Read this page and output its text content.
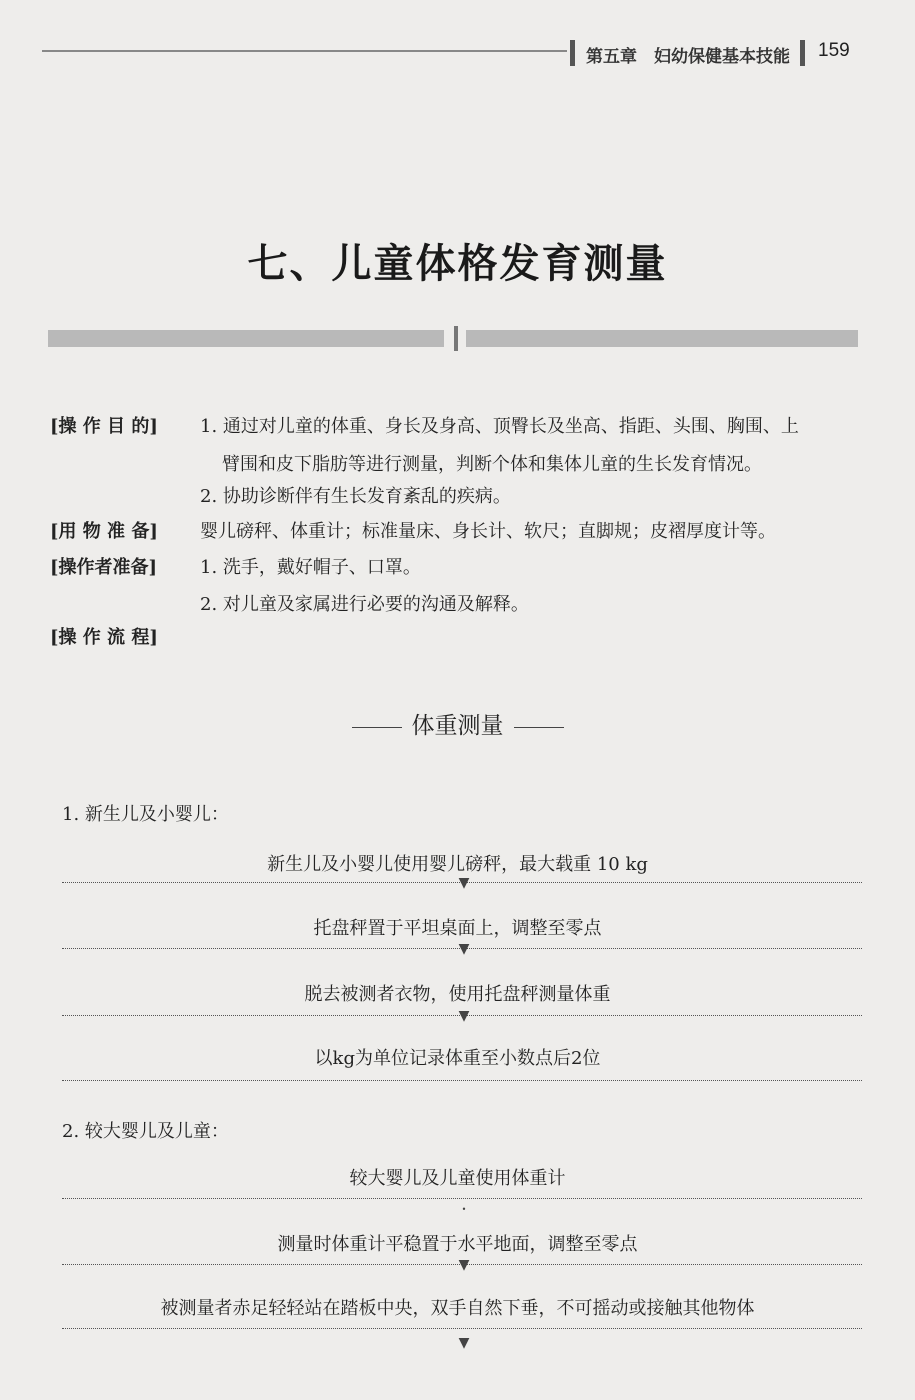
第五章　妇幼保健基本技能 159
七、儿童体格发育测量
[操 作 目 的] 1. 通过对儿童的体重、身长及身高、顶臀长及坐高、指距、头围、胸围、上
臂围和皮下脂肪等进行测量，判断个体和集体儿童的生长发育情况。
2. 协助诊断伴有生长发育紊乱的疾病。
[用 物 准 备] 婴儿磅秤、体重计；标准量床、身长计、软尺；直脚规；皮褶厚度计等。
[操作者准备] 1. 洗手，戴好帽子、口罩。
2. 对儿童及家属进行必要的沟通及解释。
[操 作 流 程]
体重测量
1. 新生儿及小婴儿：
新生儿及小婴儿使用婴儿磅秤，最大载重 10 kg
▼
托盘秤置于平坦桌面上，调整至零点
▼
脱去被测者衣物，使用托盘秤测量体重
▼
以kg为单位记录体重至小数点后2位
2. 较大婴儿及儿童：
较大婴儿及儿童使用体重计
•
测量时体重计平稳置于水平地面，调整至零点
▼
被测量者赤足轻轻站在踏板中央，双手自然下垂，不可摇动或接触其他物体
▼
